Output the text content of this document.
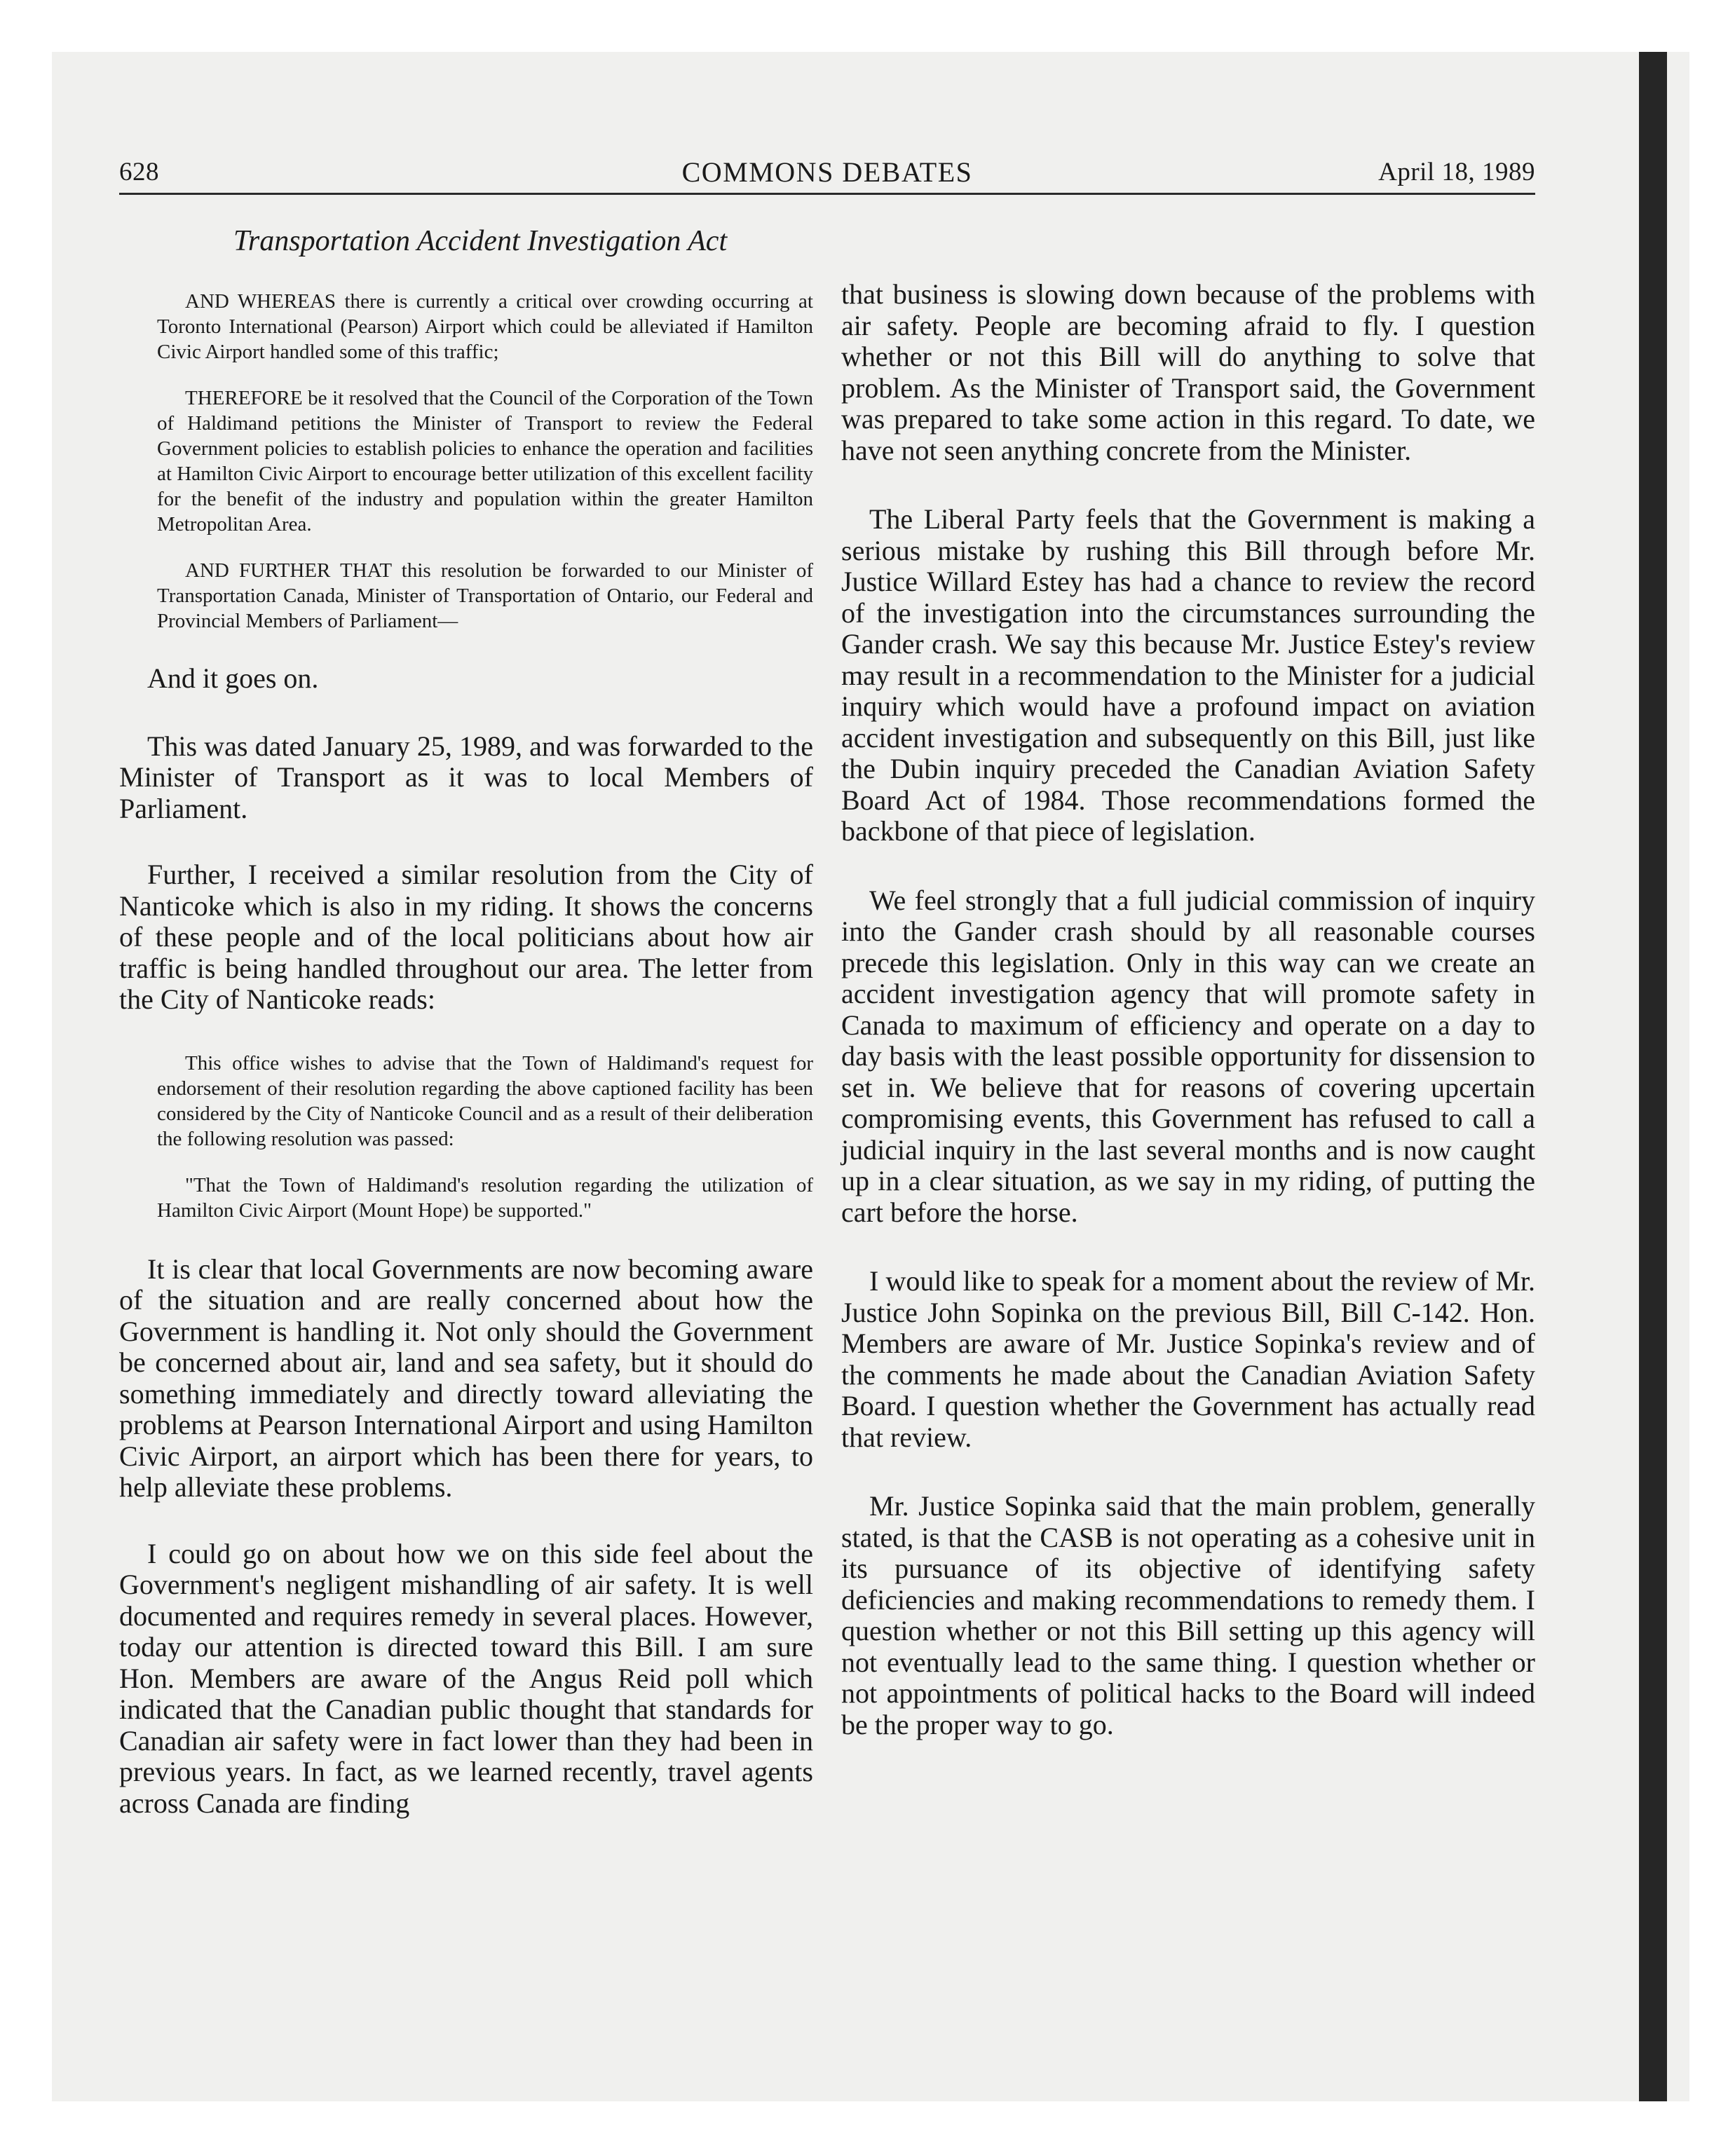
628	COMMONS DEBATES	April 18, 1989
Transportation Accident Investigation Act

AND WHEREAS there is currently a critical over crowding occurring at Toronto International (Pearson) Airport which could be alleviated if Hamilton Civic Airport handled some of this traffic;

THEREFORE be it resolved that the Council of the Corporation of the Town of Haldimand petitions the Minister of Transport to review the Federal Government policies to establish policies to enhance the operation and facilities at Hamilton Civic Airport to encourage better utilization of this excellent facility for the benefit of the industry and population within the greater Hamilton Metropolitan Area.

AND FURTHER THAT this resolution be forwarded to our Minister of Transportation Canada, Minister of Transportation of Ontario, our Federal and Provincial Members of Parliament—

And it goes on.

This was dated January 25, 1989, and was forwarded to the Minister of Transport as it was to local Members of Parliament.

Further, I received a similar resolution from the City of Nanticoke which is also in my riding. It shows the concerns of these people and of the local politicians about how air traffic is being handled throughout our area. The letter from the City of Nanticoke reads:

This office wishes to advise that the Town of Haldimand's request for endorsement of their resolution regarding the above captioned facility has been considered by the City of Nanticoke Council and as a result of their deliberation the following resolution was passed:

"That the Town of Haldimand's resolution regarding the utilization of Hamilton Civic Airport (Mount Hope) be supported."

It is clear that local Governments are now becoming aware of the situation and are really concerned about how the Government is handling it. Not only should the Government be concerned about air, land and sea safety, but it should do something immediately and directly toward alleviating the problems at Pearson International Airport and using Hamilton Civic Airport, an airport which has been there for years, to help alleviate these problems.

I could go on about how we on this side feel about the Government's negligent mishandling of air safety. It is well documented and requires remedy in several places. However, today our attention is directed toward this Bill. I am sure Hon. Members are aware of the Angus Reid poll which indicated that the Canadian public thought that standards for Canadian air safety were in fact lower than they had been in previous years. In fact, as we learned recently, travel agents across Canada are finding

that business is slowing down because of the problems with air safety. People are becoming afraid to fly. I question whether or not this Bill will do anything to solve that problem. As the Minister of Transport said, the Government was prepared to take some action in this regard. To date, we have not seen anything concrete from the Minister.

The Liberal Party feels that the Government is making a serious mistake by rushing this Bill through before Mr. Justice Willard Estey has had a chance to review the record of the investigation into the circumstances surrounding the Gander crash. We say this because Mr. Justice Estey's review may result in a recommendation to the Minister for a judicial inquiry which would have a profound impact on aviation accident investigation and subsequently on this Bill, just like the Dubin inquiry preceded the Canadian Aviation Safety Board Act of 1984. Those recommendations formed the backbone of that piece of legislation.

We feel strongly that a full judicial commission of inquiry into the Gander crash should by all reasonable courses precede this legislation. Only in this way can we create an accident investigation agency that will promote safety in Canada to maximum of efficiency and operate on a day to day basis with the least possible opportunity for dissension to set in. We believe that for reasons of covering upcertain compromising events, this Government has refused to call a judicial inquiry in the last several months and is now caught up in a clear situation, as we say in my riding, of putting the cart before the horse.

I would like to speak for a moment about the review of Mr. Justice John Sopinka on the previous Bill, Bill C-142. Hon. Members are aware of Mr. Justice Sopinka's review and of the comments he made about the Canadian Aviation Safety Board. I question whether the Government has actually read that review.

Mr. Justice Sopinka said that the main problem, generally stated, is that the CASB is not operating as a cohesive unit in its pursuance of its objective of identifying safety deficiencies and making recommendations to remedy them. I question whether or not this Bill setting up this agency will not eventually lead to the same thing. I question whether or not appointments of political hacks to the Board will indeed be the proper way to go.
